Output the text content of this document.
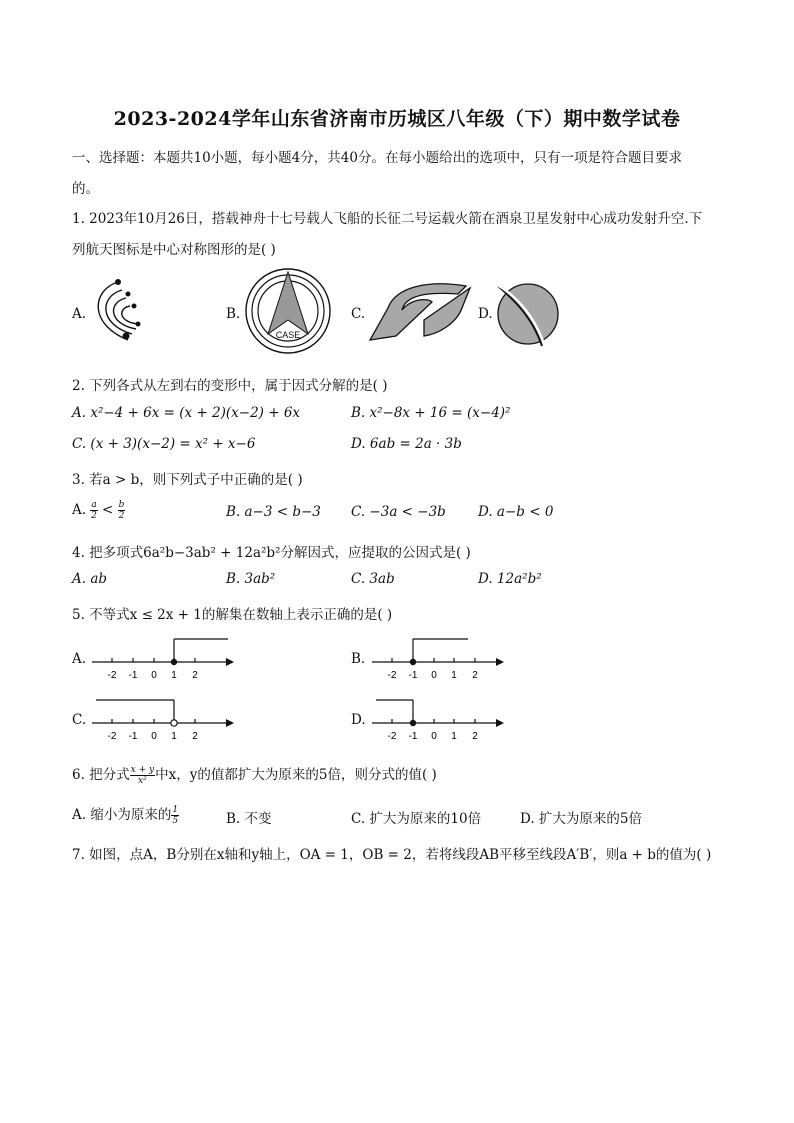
2023-2024学年山东省济南市历城区八年级（下）期中数学试卷
一、选择题：本题共10小题，每小题4分，共40分。在每小题给出的选项中，只有一项是符合题目要求
的。
1. 2023年10月26日，搭载神舟十七号载人飞船的长征二号运载火箭在酒泉卫星发射中心成功发射升空.下
列航天图标是中心对称图形的是( )
A.	B.
CASE
C.	D.
2. 下列各式从左到右的变形中，属于因式分解的是( )
A. x²−4 + 6x = (x + 2)(x−2) + 6x	B. x²−8x + 16 = (x−4)²
C. (x + 3)(x−2) = x² + x−6	D. 6ab = 2a · 3b
3. 若a > b，则下列式子中正确的是( )
A. $\frac{a}{2} < \frac{b}{2}$	B. a−3 < b−3 C. −3a < −3b D. a−b < 0
4. 把多项式6a²b−3ab² + 12a²b²分解因式，应提取的公因式是( )
A. ab	B. 3ab²	C. 3ab	D. 12a²b²
5. 不等式x ≤ 2x + 1的解集在数轴上表示正确的是( )
A.
-2 -1 0 1 2
B.
-2 -1 0 1 2
C.
-2 -1 0 1 2
D.
-2 -1 0 1 2
6. 把分式 $\frac{x + y}{\text{x²}}$ 中x，y的值都扩大为原来的5倍，则分式的值( )
A. 缩小为原来的 $\frac{1}{5}$	B. 不变	C. 扩大为原来的10倍	D. 扩大为原来的5倍
7. 如图，点A，B分别在x轴和y轴上，OA = 1，OB = 2，若将线段AB平移至线段A′B′，则a + b的值为( )
